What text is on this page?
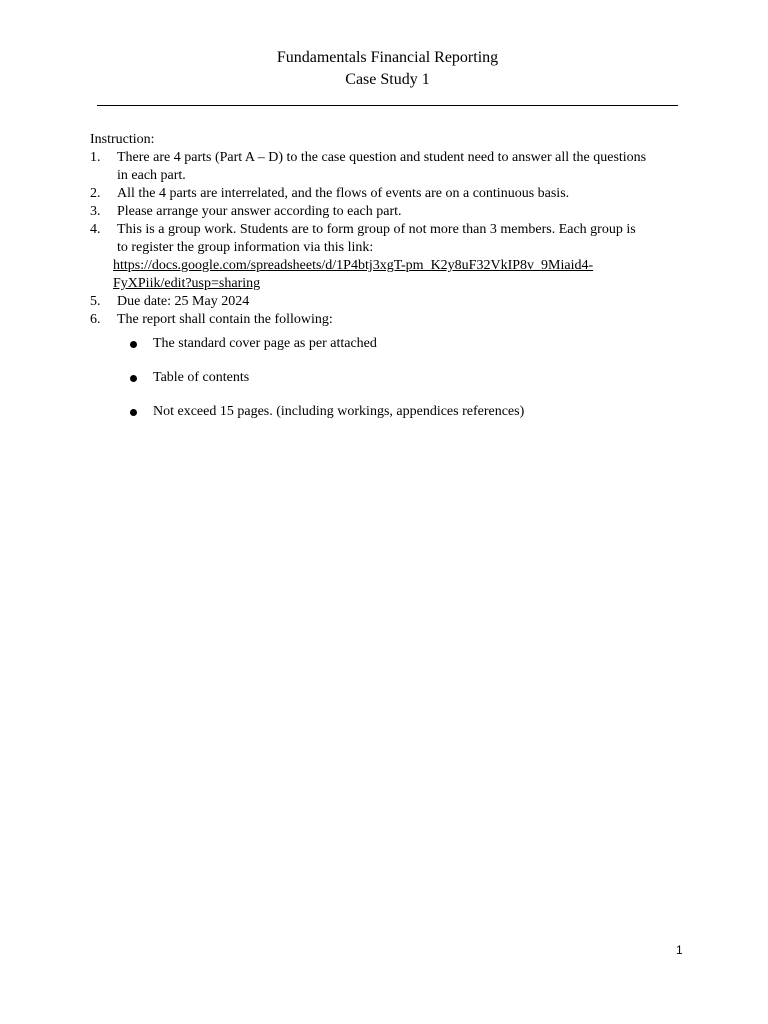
Fundamentals Financial Reporting
Case Study 1

Instruction:

1. There are 4 parts (Part A – D) to the case question and student need to answer all the questions in each part.
2. All the 4 parts are interrelated, and the flows of events are on a continuous basis.
3. Please arrange your answer according to each part.
4. This is a group work. Students are to form group of not more than 3 members. Each group is to register the group information via this link:
https://docs.google.com/spreadsheets/d/1P4btj3xgT-pm_K2y8uF32VkIP8v_9Miaid4-FyXPiik/edit?usp=sharing
5. Due date: 25 May 2024
6. The report shall contain the following:
The standard cover page as per attached
Table of contents
Not exceed 15 pages. (including workings, appendices references)
1
